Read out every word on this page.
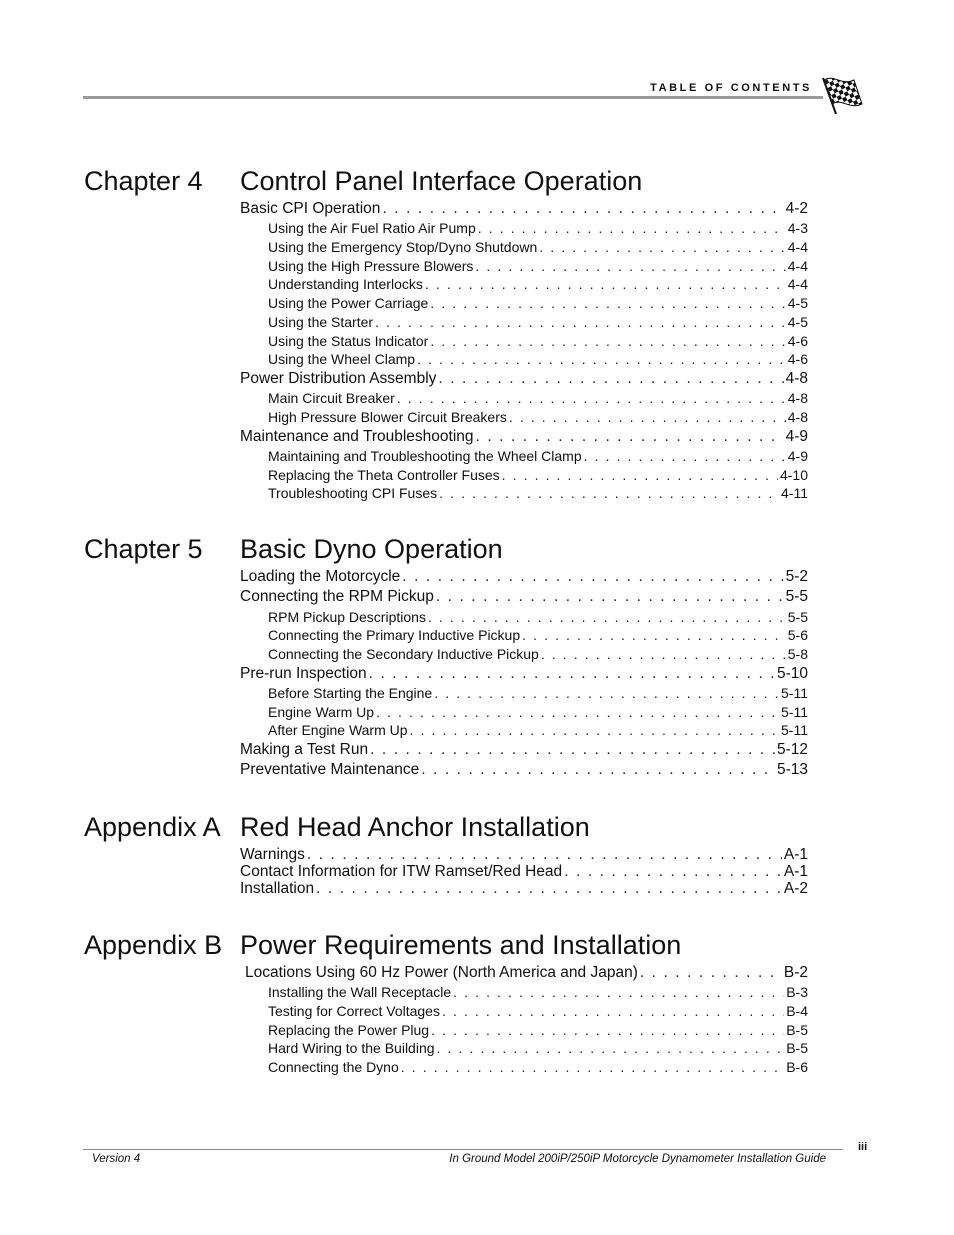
TABLE OF CONTENTS
Chapter 4 Control Panel Interface Operation
Basic CPI Operation . . .	4-2
Using the Air Fuel Ratio Air Pump . . .	4-3
Using the Emergency Stop/Dyno Shutdown . . .	4-4
Using the High Pressure Blowers . . .	4-4
Understanding Interlocks . . .	4-4
Using the Power Carriage . . .	4-5
Using the Starter . . .	4-5
Using the Status Indicator . . .	4-6
Using the Wheel Clamp . . .	4-6
Power Distribution Assembly . . .	4-8
Main Circuit Breaker . . .	4-8
High Pressure Blower Circuit Breakers . . .	4-8
Maintenance and Troubleshooting . . .	4-9
Maintaining and Troubleshooting the Wheel Clamp . . .	4-9
Replacing the Theta Controller Fuses . . .	4-10
Troubleshooting CPI Fuses . . .	4-11
Chapter 5 Basic Dyno Operation
Loading the Motorcycle . . .	5-2
Connecting the RPM Pickup . . .	5-5
RPM Pickup Descriptions . . .	5-5
Connecting the Primary Inductive Pickup . . .	5-6
Connecting the Secondary Inductive Pickup . . .	5-8
Pre-run Inspection . . .	5-10
Before Starting the Engine . . .	5-11
Engine Warm Up . . .	5-11
After Engine Warm Up . . .	5-11
Making a Test Run . . .	5-12
Preventative Maintenance . . .	5-13
Appendix A Red Head Anchor Installation
Warnings . . .	A-1
Contact Information for ITW Ramset/Red Head . . .	A-1
Installation . . .	A-2
Appendix B Power Requirements and Installation
Locations Using 60 Hz Power (North America and Japan) . . .	B-2
Installing the Wall Receptacle . . .	B-3
Testing for Correct Voltages . . .	B-4
Replacing the Power Plug . . .	B-5
Hard Wiring to the Building . . .	B-5
Connecting the Dyno . . .	B-6
iii
Version 4	In Ground Model 200iP/250iP Motorcycle Dynamometer Installation Guide
